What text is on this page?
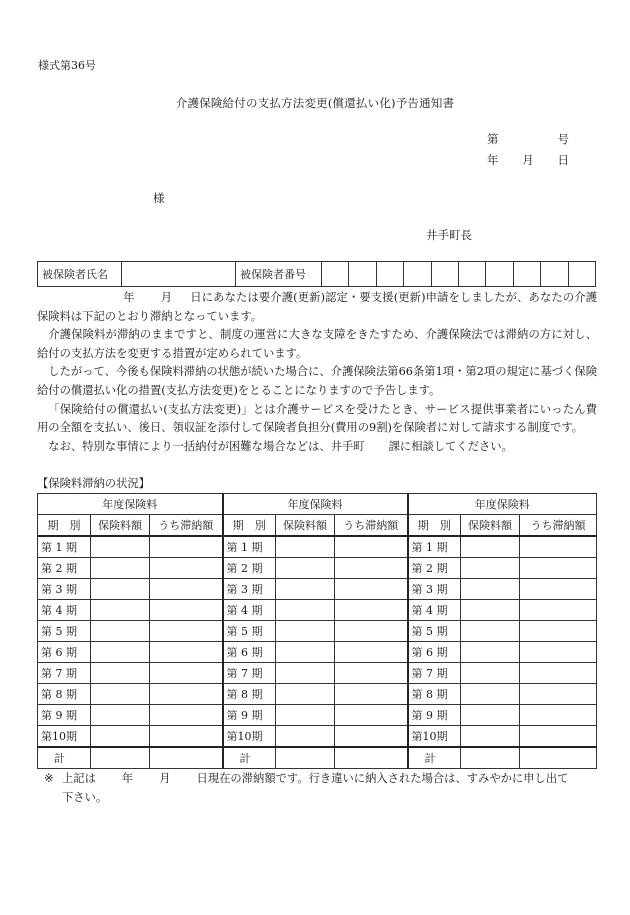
様式第36号
介護保険給付の支払方法変更(償還払い化)予告通知書
第	号
年 月 日
様
井手町長
被保険者氏名		被保険者番号										

年 月 日にあなたは要介護(更新)認定・要支援(更新)申請をしましたが、あなたの介護保険料は下記のとおり滞納となっています。

介護保険料が滞納のままですと、制度の運営に大きな支障をきたすため、介護保険法では滞納の方に対し、給付の支払方法を変更する措置が定められています。

したがって、今後も保険料滞納の状態が続いた場合に、介護保険法第66条第1項・第2項の規定に基づく保険給付の償還払い化の措置(支払方法変更)をとることになりますので予告します。

「保険給付の償還払い(支払方法変更)」とは介護サービスを受けたとき、サービス提供事業者にいったん費用の全額を支払い、後日、領収証を添付して保険者負担分(費用の9割)を保険者に対して請求する制度です。

なお、特別な事情により一括納付が困難な場合などは、井手町 課に相談してください。

【保険料滞納の状況】
年度保険料			年度保険料			年度保険料		
期　別	保険料額	うち滞納額	期　別	保険料額	うち滞納額	期　別	保険料額	うち滞納額
第 1 期			第 1 期			第 1 期		
第 2 期			第 2 期			第 2 期		
第 3 期			第 3 期			第 3 期		
第 4 期			第 4 期			第 4 期		
第 5 期			第 5 期			第 5 期		
第 6 期			第 6 期			第 6 期		
第 7 期			第 7 期			第 7 期		
第 8 期			第 8 期			第 8 期		
第 9 期			第 9 期			第 9 期		
第10期			第10期			第10期		
計			計			計		
※ 上記は 年 月 日現在の滞納額です。行き違いに納入された場合は、すみやかに申し出て
下さい。
